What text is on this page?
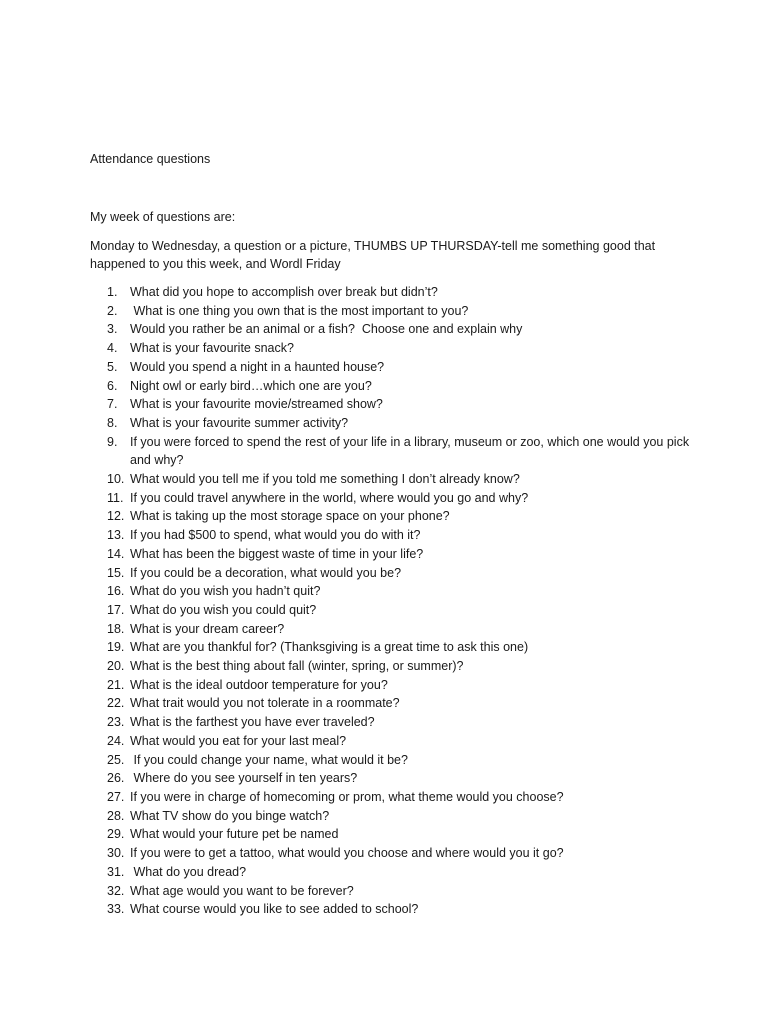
Attendance questions

My week of questions are:

Monday to Wednesday, a question or a picture, THUMBS UP THURSDAY-tell me something good that happened to you this week, and Wordl Friday

1.	What did you hope to accomplish over break but didn’t?
2.	What is one thing you own that is the most important to you?
3.	Would you rather be an animal or a fish?  Choose one and explain why
4.	What is your favourite snack?
5.	Would you spend a night in a haunted house?
6.	Night owl or early bird…which one are you?
7.	What is your favourite movie/streamed show?
8.	What is your favourite summer activity?
9.	If you were forced to spend the rest of your life in a library, museum or zoo, which one would you pick and why?
10. What would you tell me if you told me something I don’t already know?
11. If you could travel anywhere in the world, where would you go and why?
12. What is taking up the most storage space on your phone?
13. If you had $500 to spend, what would you do with it?
14. What has been the biggest waste of time in your life?
15. If you could be a decoration, what would you be?
16. What do you wish you hadn’t quit?
17. What do you wish you could quit?
18. What is your dream career?
19. What are you thankful for? (Thanksgiving is a great time to ask this one)
20. What is the best thing about fall (winter, spring, or summer)?
21. What is the ideal outdoor temperature for you?
22. What trait would you not tolerate in a roommate?
23. What is the farthest you have ever traveled?
24. What would you eat for your last meal?
25. If you could change your name, what would it be?
26. Where do you see yourself in ten years?
27. If you were in charge of homecoming or prom, what theme would you choose?
28. What TV show do you binge watch?
29. What would your future pet be named
30. If you were to get a tattoo, what would you choose and where would you it go?
31. What do you dread?
32. What age would you want to be forever?
33. What course would you like to see added to school?
